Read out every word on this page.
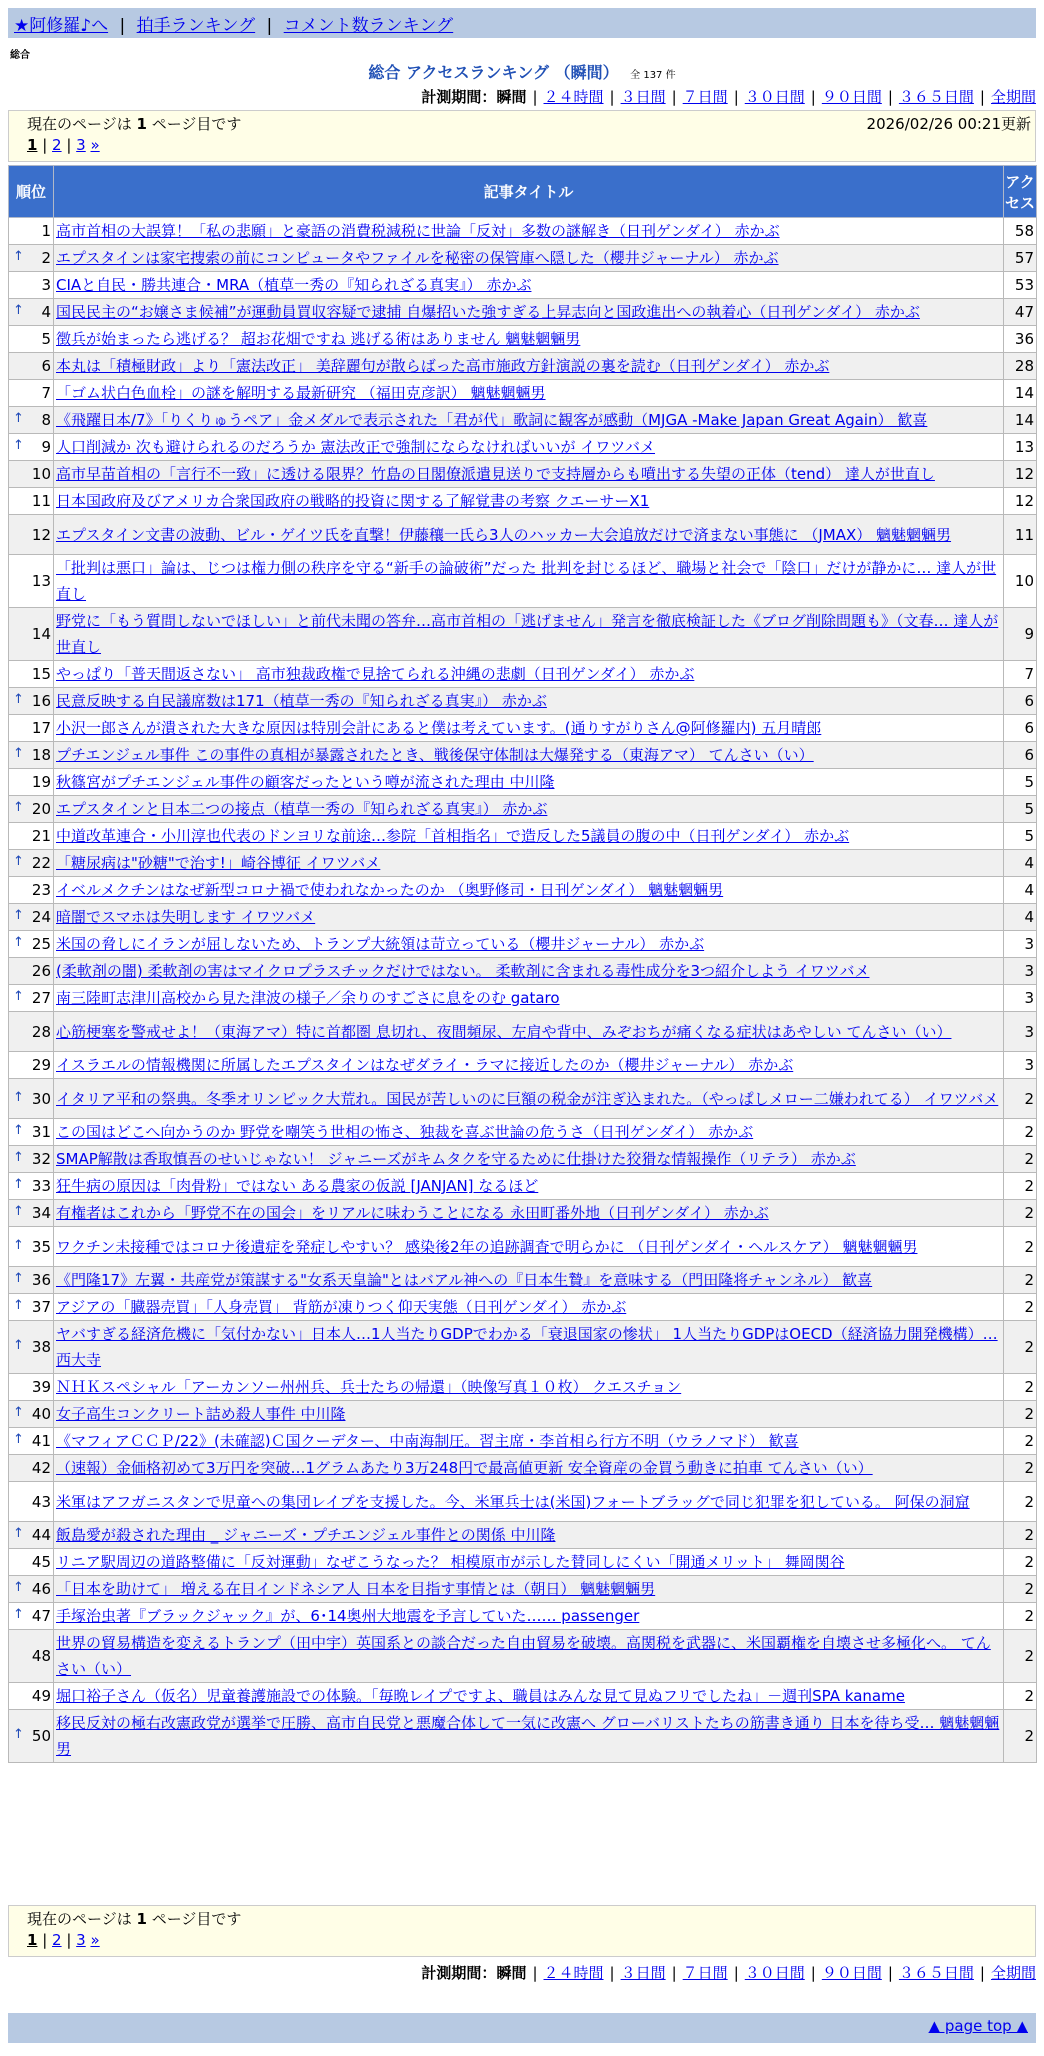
★阿修羅♪へ | 拍手ランキング | コメント数ランキング
総合
総合 アクセスランキング （瞬間） 全 137 件
計測期間：瞬間 | ２４時間 | ３日間 | ７日間 | ３０日間 | ９０日間 | ３６５日間 | 全期間
現在のページは 1 ページ目です	2026/02/26 00:21更新
1 | 2 | 3 »
順位	記事タイトル	アクセス
1	高市首相の大誤算！「私の悲願」と豪語の消費税減税に世論「反対」多数の謎解き（日刊ゲンダイ） 赤かぶ	58

↑ 2	エプスタインは家宅捜索の前にコンピュータやファイルを秘密の保管庫へ隠した（櫻井ジャーナル） 赤かぶ	57
3	CIAと自民・勝共連合・MRA（植草一秀の『知られざる真実』） 赤かぶ	53

↑ 4	国民民主の“お嬢さま候補”が運動員買収容疑で逮捕 自爆招いた強すぎる上昇志向と国政進出への執着心（日刊ゲンダイ） 赤かぶ	47
5	徴兵が始まったら逃げる？ 超お花畑ですね 逃げる術はありません 魑魅魍魎男	36
6	本丸は「積極財政」より「憲法改正」 美辞麗句が散らばった高市施政方針演説の裏を読む（日刊ゲンダイ） 赤かぶ	28
7	「ゴム状白色血栓」の謎を解明する最新研究 （福田克彦訳） 魑魅魍魎男	14

↑ 8	《飛躍日本/7》「りくりゅうペア」金メダルで表示された「君が代」歌詞に観客が感動（MJGA -Make Japan Great Again） 歓喜	14

↑ 9	人口削減か 次も避けられるのだろうか 憲法改正で強制にならなければいいが イワツバメ	13
10	高市早苗首相の「言行不一致」に透ける限界？竹島の日閣僚派遣見送りで支持層からも噴出する失望の正体（tend） 達人が世直し	12
11	日本国政府及びアメリカ合衆国政府の戦略的投資に関する了解覚書の考察 クエーサーX1	12
12	エプスタイン文書の波動、ビル・ゲイツ氏を直撃！伊藤穰一氏ら3人のハッカー大会追放だけで済まない事態に （JMAX） 魑魅魍魎男	11
13	「批判は悪口」論は、じつは権力側の秩序を守る“新手の論破術”だった 批判を封じるほど、職場と社会で「陰口」だけが静かに… 達人が世直し	10
14	野党に「もう質問しないでほしい」と前代未聞の答弁…高市首相の「逃げません」発言を徹底検証した《ブログ削除問題も》（文春… 達人が世直し	9
15	やっぱり「普天間返さない」 高市独裁政権で見捨てられる沖縄の悲劇（日刊ゲンダイ） 赤かぶ	7

↑ 16	民意反映する自民議席数は171（植草一秀の『知られざる真実』） 赤かぶ	6
17	小沢一郎さんが潰された大きな原因は特別会計にあると僕は考えています。(通りすがりさん@阿修羅内) 五月晴郎	6

↑ 18	プチエンジェル事件 この事件の真相が暴露されたとき、戦後保守体制は大爆発する（東海アマ） てんさい（い）	6
19	秋篠宮がプチエンジェル事件の顧客だったという噂が流された理由 中川隆	5

↑ 20	エプスタインと日本二つの接点（植草一秀の『知られざる真実』） 赤かぶ	5
21	中道改革連合・小川淳也代表のドンヨリな前途…参院「首相指名」で造反した5議員の腹の中（日刊ゲンダイ） 赤かぶ	5

↑ 22	「糖尿病は"砂糖"で治す!」崎谷博征 イワツバメ	4
23	イベルメクチンはなぜ新型コロナ禍で使われなかったのか （奥野修司・日刊ゲンダイ） 魑魅魍魎男	4

↑ 24	暗闇でスマホは失明します イワツバメ	4

↑ 25	米国の脅しにイランが屈しないため、トランプ大統領は苛立っている（櫻井ジャーナル） 赤かぶ	3
26	(柔軟剤の闇) 柔軟剤の害はマイクロプラスチックだけではない。 柔軟剤に含まれる毒性成分を3つ紹介しよう イワツバメ	3

↑ 27	南三陸町志津川高校から見た津波の様子／余りのすごさに息をのむ gataro	3
28	心筋梗塞を警戒せよ！（東海アマ）特に首都圏 息切れ、夜間頻尿、左肩や背中、みぞおちが痛くなる症状はあやしい てんさい（い）	3
29	イスラエルの情報機関に所属したエプスタインはなぜダライ・ラマに接近したのか（櫻井ジャーナル） 赤かぶ	3

↑ 30	イタリア平和の祭典。冬季オリンピック大荒れ。国民が苦しいのに巨額の税金が注ぎ込まれた。（やっぱしメロー二嫌われてる） イワツバメ	2

↑ 31	この国はどこへ向かうのか 野党を嘲笑う世相の怖さ、独裁を喜ぶ世論の危うさ（日刊ゲンダイ） 赤かぶ	2

↑ 32	SMAP解散は香取慎吾のせいじゃない！ ジャニーズがキムタクを守るために仕掛けた狡猾な情報操作（リテラ） 赤かぶ	2

↑ 33	狂牛病の原因は「肉骨粉」ではない ある農家の仮説 [JANJAN] なるほど	2

↑ 34	有権者はこれから「野党不在の国会」をリアルに味わうことになる 永田町番外地（日刊ゲンダイ） 赤かぶ	2

↑ 35	ワクチン未接種ではコロナ後遺症を発症しやすい？ 感染後2年の追跡調査で明らかに （日刊ゲンダイ・ヘルスケア） 魑魅魍魎男	2

↑ 36	《門隆17》左翼・共産党が策謀する"女系天皇論"とはバアル神への『日本生贄』を意味する（門田隆将チャンネル） 歓喜	2

↑ 37	アジアの「臓器売買」「人身売買」 背筋が凍りつく仰天実態（日刊ゲンダイ） 赤かぶ	2

↑ 38	ヤバすぎる経済危機に「気付かない」日本人…1人当たりGDPでわかる「衰退国家の惨状」 1人当たりGDPはOECD（経済協力開発機構）… 西大寺	2
39	ＮＨＫスペシャル「アーカンソー州州兵、兵士たちの帰還」（映像写真１０枚） クエスチョン	2

↑ 40	女子高生コンクリート詰め殺人事件 中川隆	2

↑ 41	《マフィアＣＣＰ/22》(未確認)Ｃ国クーデター、中南海制圧。習主席・李首相ら行方不明（ウラノマド） 歓喜	2
42	（速報）金価格初めて3万円を突破…1グラムあたり3万248円で最高値更新 安全資産の金買う動きに拍車 てんさい（い）	2
43	米軍はアフガニスタンで児童への集団レイプを支援した。今、米軍兵士は(米国)フォートブラッグで同じ犯罪を犯している。 阿保の洞窟	2

↑ 44	飯島愛が殺された理由 _ ジャニーズ・プチエンジェル事件との関係 中川隆	2
45	リニア駅周辺の道路整備に「反対運動」なぜこうなった？ 相模原市が示した賛同しにくい「開通メリット」 舞岡関谷	2

↑ 46	「日本を助けて」 増える在日インドネシア人 日本を目指す事情とは（朝日） 魑魅魍魎男	2

↑ 47	手塚治虫著『ブラックジャック』が、6･14奥州大地震を予言していた…… passenger	2
48	世界の貿易構造を変えるトランプ（田中宇）英国系との談合だった自由貿易を破壊。高関税を武器に、米国覇権を自壊させ多極化へ。 てんさい（い）	2
49	堀口裕子さん（仮名）児童養護施設での体験。「毎晩レイプですよ、職員はみんな見て見ぬフリでしたね」－週刊SPA kaname	2

↑ 50	移民反対の極右改憲政党が選挙で圧勝、高市自民党と悪魔合体して一気に改憲へ グローバリストたちの筋書き通り 日本を待ち受… 魑魅魍魎男	2
現在のページは 1 ページ目です
1 | 2 | 3 »
計測期間：瞬間 | ２４時間 | ３日間 | ７日間 | ３０日間 | ９０日間 | ３６５日間 | 全期間
▲ page top ▲
